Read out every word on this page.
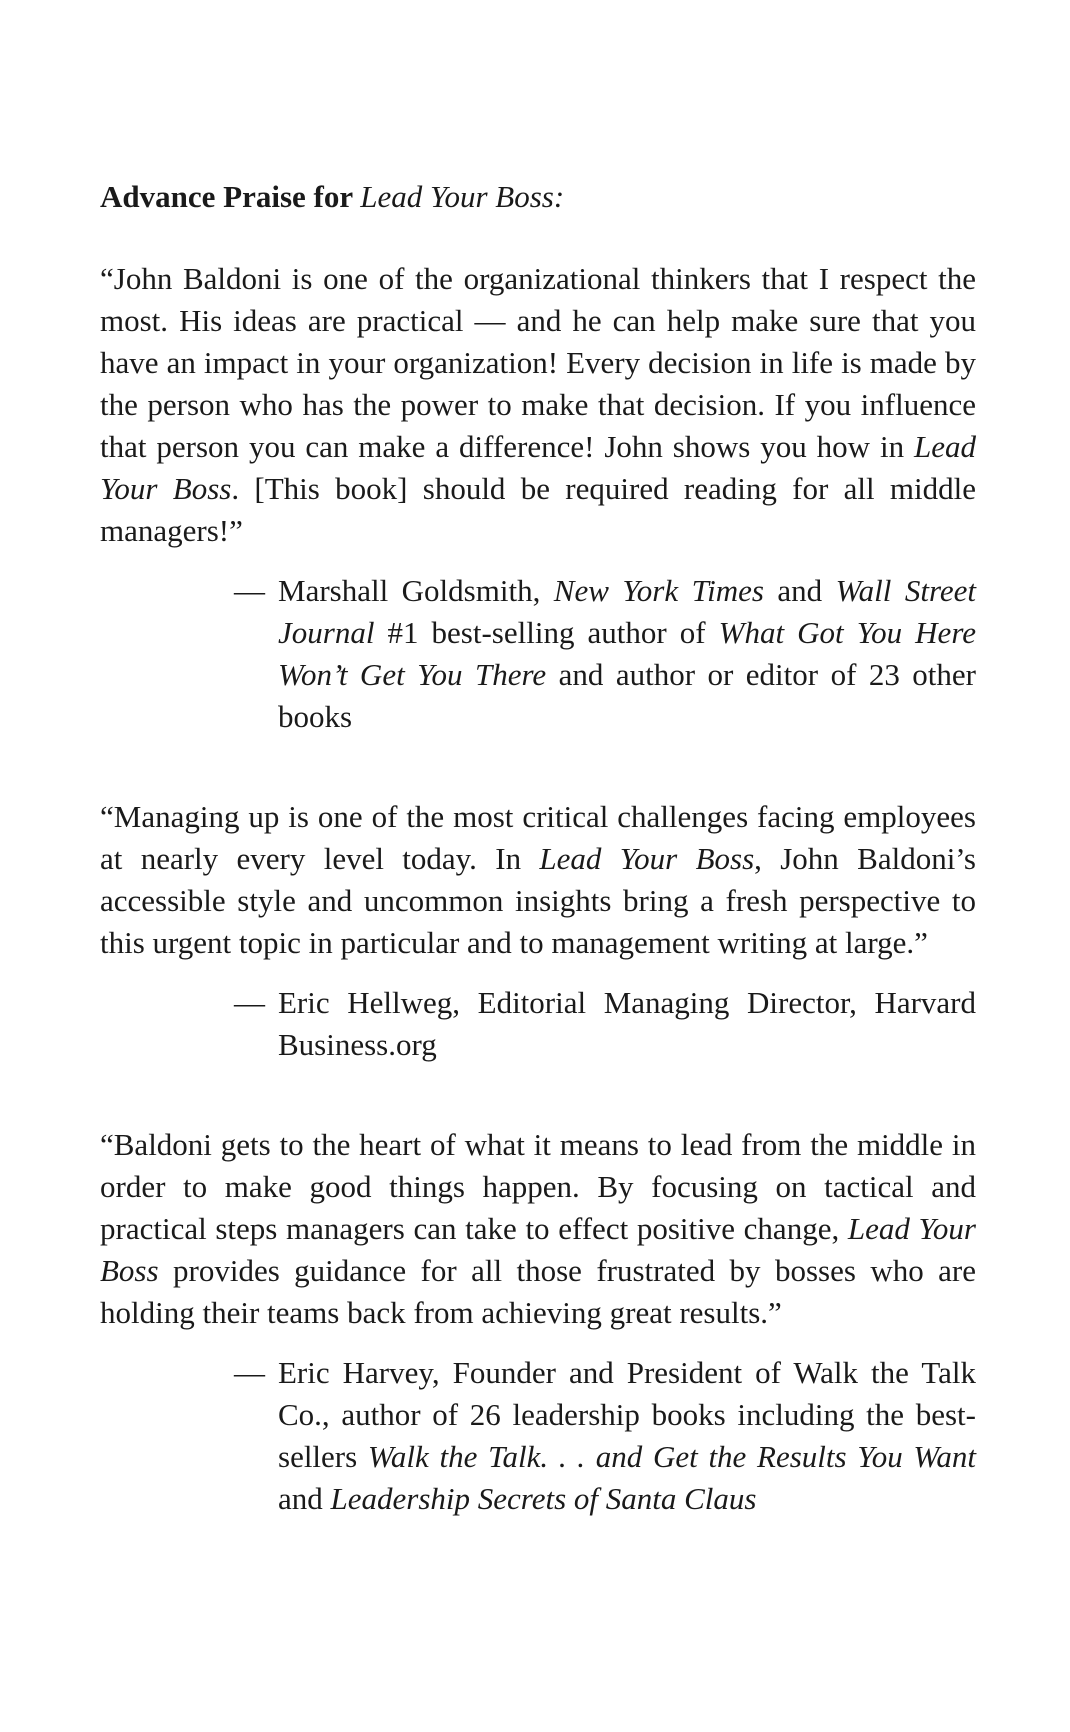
Advance Praise for Lead Your Boss:

“John Baldoni is one of the organizational thinkers that I respect the most. His ideas are practical — and he can help make sure that you have an impact in your organization! Every decision in life is made by the person who has the power to make that decision. If you influence that person you can make a difference! John shows you how in Lead Your Boss. [This book] should be required reading for all middle managers!”

— Marshall Goldsmith, New York Times and Wall Street Journal #1 best-selling author of What Got You Here Won’t Get You There and author or editor of 23 other books

“Managing up is one of the most critical challenges facing employees at nearly every level today. In Lead Your Boss, John Baldoni’s accessible style and uncommon insights bring a fresh perspective to this urgent topic in particular and to management writing at large.”

— Eric Hellweg, Editorial Managing Director, Harvard Business.org

“Baldoni gets to the heart of what it means to lead from the middle in order to make good things happen. By focusing on tactical and practical steps managers can take to effect positive change, Lead Your Boss provides guidance for all those frustrated by bosses who are holding their teams back from achieving great results.”

— Eric Harvey, Founder and President of Walk the Talk Co., author of 26 leadership books including the best-sellers Walk the Talk. . . and Get the Results You Want and Leadership Secrets of Santa Claus
